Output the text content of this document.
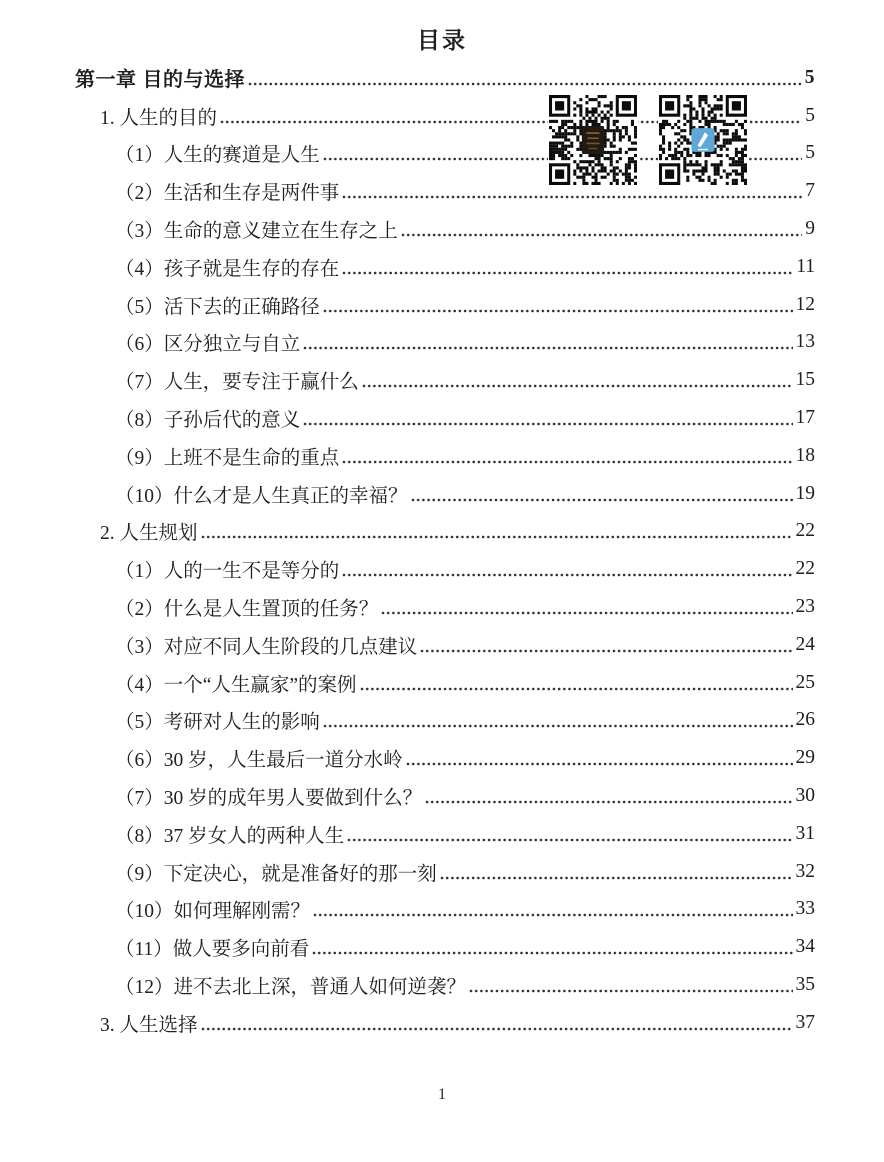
目录
第一章 目的与选择	5
1. 人生的目的	5
（1）人生的赛道是人生	5
（2）生活和生存是两件事	7
（3）生命的意义建立在生存之上	9
（4）孩子就是生存的存在	11
（5）活下去的正确路径	12
（6）区分独立与自立	13
（7）人生，要专注于赢什么	15
（8）子孙后代的意义	17
（9）上班不是生命的重点	18
（10）什么才是人生真正的幸福？	19
2. 人生规划	22
（1）人的一生不是等分的	22
（2）什么是人生置顶的任务？	23
（3）对应不同人生阶段的几点建议	24
（4）一个“人生赢家”的案例	25
（5）考研对人生的影响	26
（6）30 岁，人生最后一道分水岭	29
（7）30 岁的成年男人要做到什么？	30
（8）37 岁女人的两种人生	31
（9）下定决心，就是准备好的那一刻	32
（10）如何理解刚需？	33
（11）做人要多向前看	34
（12）进不去北上深，普通人如何逆袭？	35
3. 人生选择	37
1
